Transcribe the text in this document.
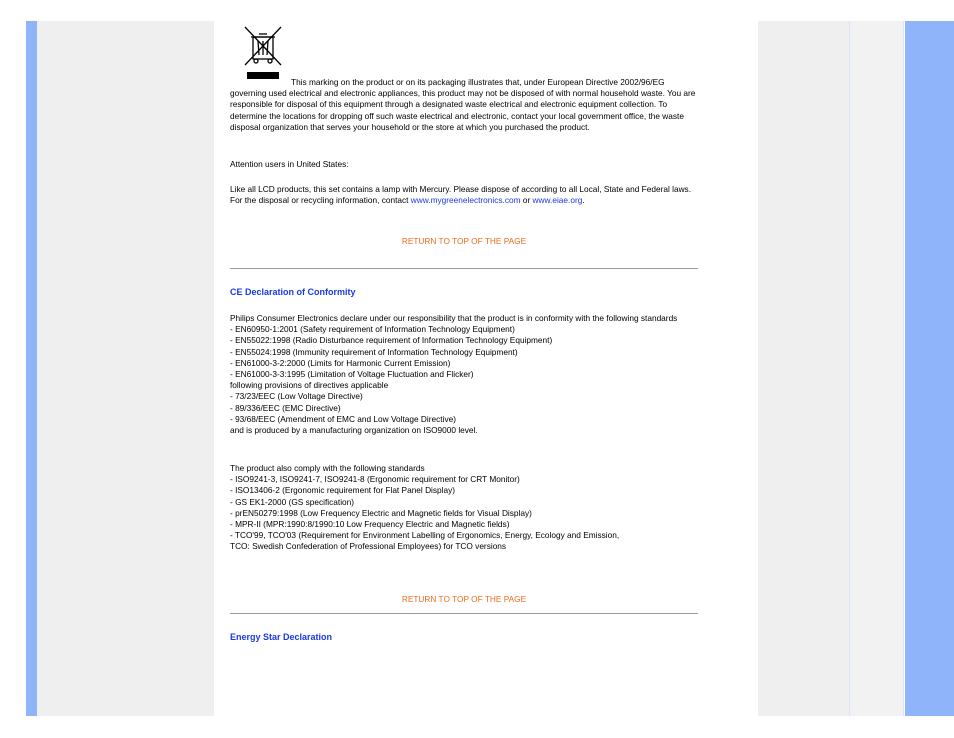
This marking on the product or on its packaging illustrates that, under European Directive 2002/96/EG governing used electrical and electronic appliances, this product may not be disposed of with normal household waste. You are responsible for disposal of this equipment through a designated waste electrical and electronic equipment collection. To determine the locations for dropping off such waste electrical and electronic, contact your local government office, the waste disposal organization that serves your household or the store at which you purchased the product.
Attention users in United States:
Like all LCD products, this set contains a lamp with Mercury. Please dispose of according to all Local, State and Federal laws. For the disposal or recycling information, contact www.mygreenelectronics.com or www.eiae.org.
RETURN TO TOP OF THE PAGE
CE Declaration of Conformity
Philips Consumer Electronics declare under our responsibility that the product is in conformity with the following standards
- EN60950-1:2001 (Safety requirement of Information Technology Equipment)
- EN55022:1998 (Radio Disturbance requirement of Information Technology Equipment)
- EN55024:1998 (Immunity requirement of Information Technology Equipment)
- EN61000-3-2:2000 (Limits for Harmonic Current Emission)
- EN61000-3-3:1995 (Limitation of Voltage Fluctuation and Flicker)
following provisions of directives applicable
- 73/23/EEC (Low Voltage Directive)
- 89/336/EEC (EMC Directive)
- 93/68/EEC (Amendment of EMC and Low Voltage Directive)
and is produced by a manufacturing organization on ISO9000 level.
The product also comply with the following standards
- ISO9241-3, ISO9241-7, ISO9241-8 (Ergonomic requirement for CRT Monitor)
- ISO13406-2 (Ergonomic requirement for Flat Panel Display)
- GS EK1-2000 (GS specification)
- prEN50279:1998 (Low Frequency Electric and Magnetic fields for Visual Display)
- MPR-II (MPR:1990:8/1990:10 Low Frequency Electric and Magnetic fields)
- TCO'99, TCO'03 (Requirement for Environment Labelling of Ergonomics, Energy, Ecology and Emission,
TCO: Swedish Confederation of Professional Employees) for TCO versions
RETURN TO TOP OF THE PAGE
Energy Star Declaration
